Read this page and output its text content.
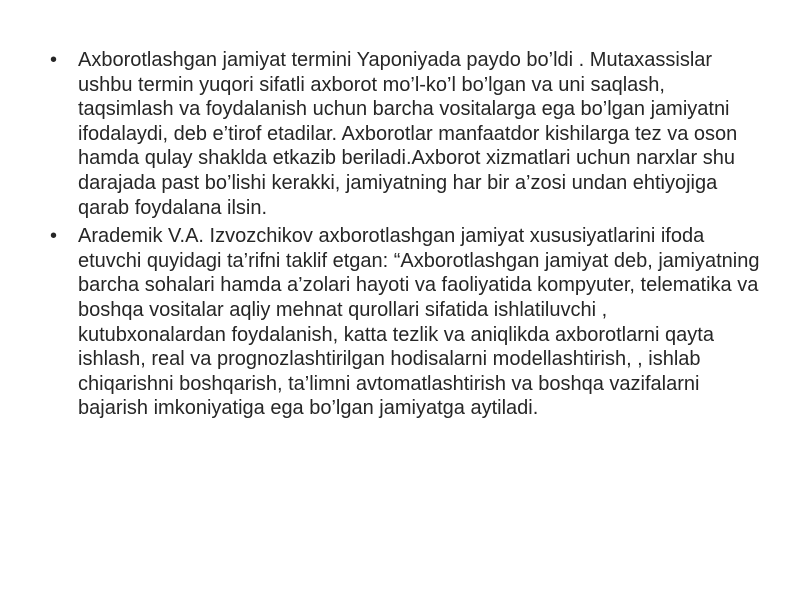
• Axborotlashgan jamiyat termini Yaponiyada paydo bo’ldi . Mutaxassislar ushbu termin yuqori sifatli axborot mo’l-ko’l bo’lgan va uni saqlash, taqsimlash va foydalanish uchun barcha vositalarga ega bo’lgan jamiyatni ifodalaydi, deb e’tirof etadilar. Axborotlar manfaatdor kishilarga tez va oson hamda qulay shaklda etkazib beriladi.Axborot xizmatlari uchun narxlar shu darajada past bo’lishi kerakki, jamiyatning har bir a’zosi undan ehtiyojiga qarab foydalana ilsin.
• Arademik V.A. Izvozchikov axborotlashgan jamiyat xususiyatlarini ifoda etuvchi quyidagi ta’rifni taklif etgan: “Axborotlashgan jamiyat deb, jamiyatning barcha sohalari hamda a’zolari hayoti va faoliyatida kompyuter, telematika va boshqa vositalar aqliy mehnat qurollari sifatida ishlatiluvchi , kutubxonalardan foydalanish, katta tezlik va aniqlikda axborotlarni qayta ishlash, real va prognozlashtirilgan hodisalarni modellashtirish, , ishlab chiqarishni boshqarish, ta’limni avtomatlashtirish va boshqa vazifalarni bajarish imkoniyatiga ega bo’lgan jamiyatga aytiladi.
